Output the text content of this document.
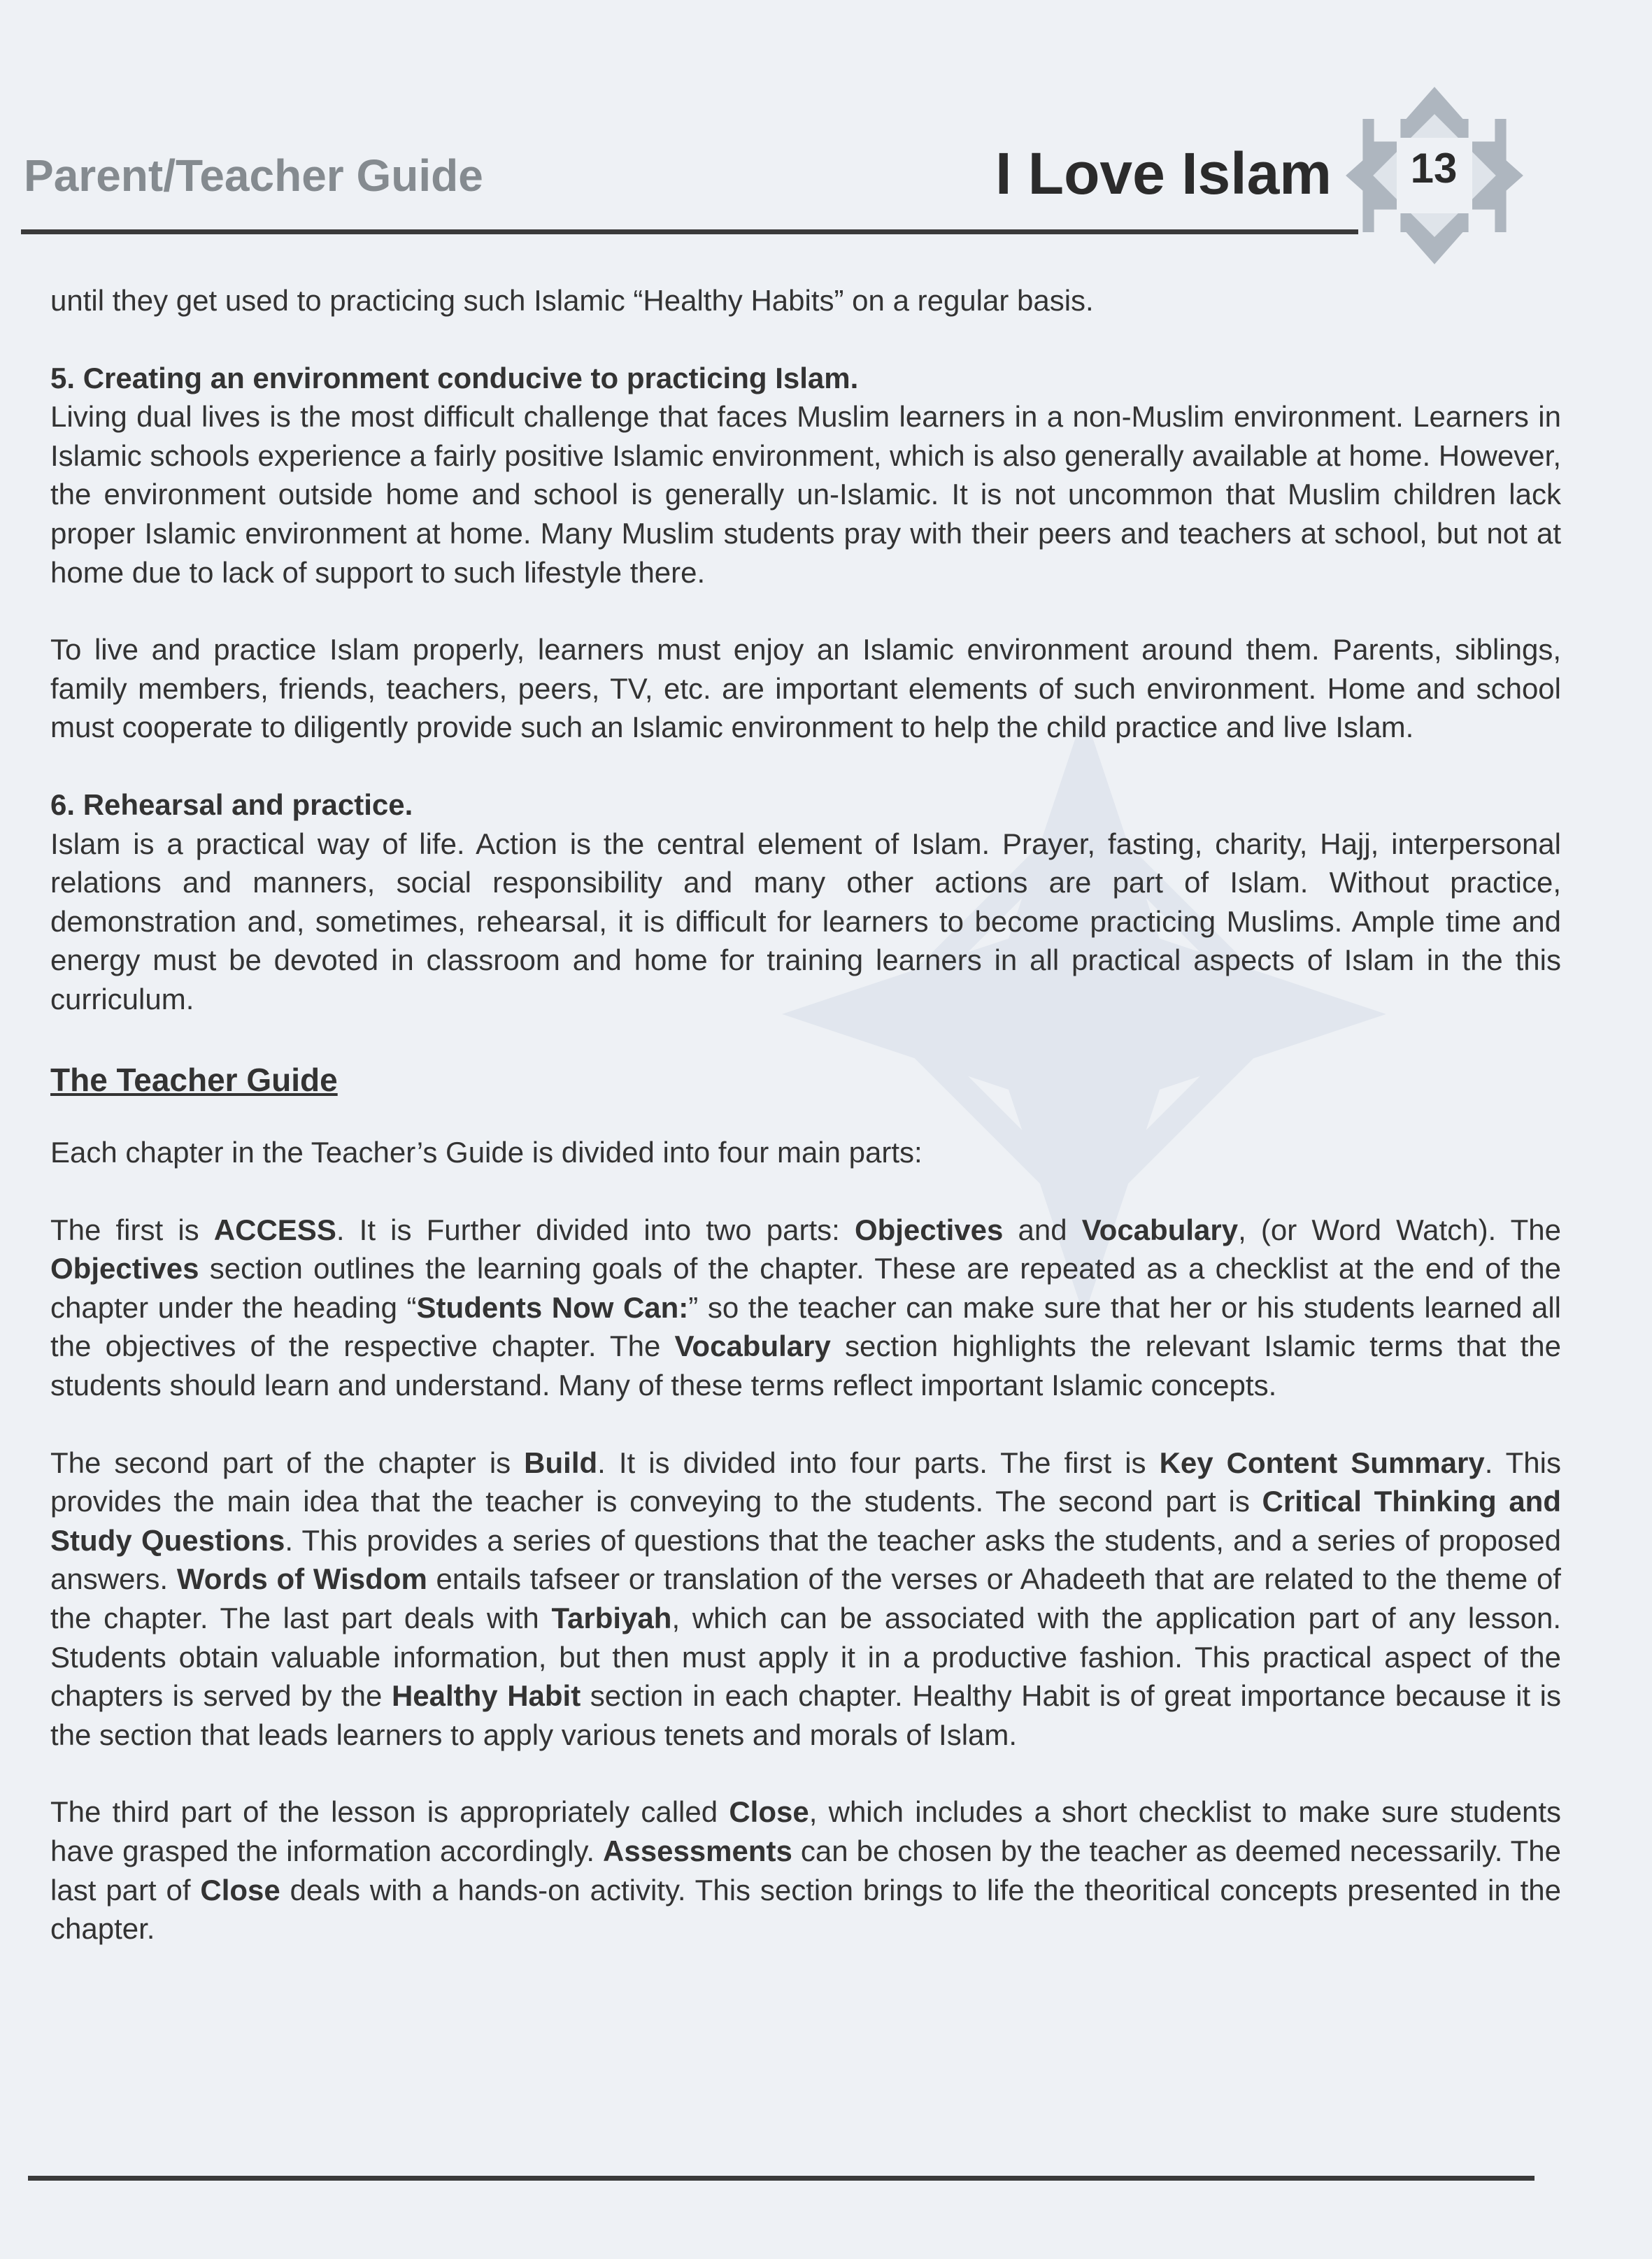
Parent/Teacher Guide	I Love Islam	13

until they get used to practicing such Islamic “Healthy Habits” on a regular basis.

5. Creating an environment conducive to practicing Islam.

Living dual lives is the most difficult challenge that faces Muslim learners in a non-Muslim environment. Learners in Islamic schools experience a fairly positive Islamic environment, which is also generally available at home. However, the environment outside home and school is generally un-Islamic. It is not uncommon that Muslim children lack proper Islamic environment at home. Many Muslim students pray with their peers and teachers at school, but not at home due to lack of support to such lifestyle there.

To live and practice Islam properly, learners must enjoy an Islamic environment around them. Parents, siblings, family members, friends, teachers, peers, TV, etc. are important elements of such environment. Home and school must cooperate to diligently provide such an Islamic environment to help the child practice and live Islam.

6. Rehearsal and practice.

Islam is a practical way of life. Action is the central element of Islam. Prayer, fasting, charity, Hajj, interpersonal relations and manners, social responsibility and many other actions are part of Islam. Without practice, demonstration and, sometimes, rehearsal, it is difficult for learners to become practicing Muslims. Ample time and energy must be devoted in classroom and home for training learners in all practical aspects of Islam in the this curriculum.

The Teacher Guide

Each chapter in the Teacher’s Guide is divided into four main parts:

The first is ACCESS. It is Further divided into two parts: Objectives and Vocabulary, (or Word Watch). The Objectives section outlines the learning goals of the chapter. These are repeated as a checklist at the end of the chapter under the heading “Students Now Can:” so the teacher can make sure that her or his students learned all the objectives of the respective chapter. The Vocabulary section highlights the relevant Islamic terms that the students should learn and understand. Many of these terms reflect important Islamic concepts.

The second part of the chapter is Build. It is divided into four parts. The first is Key Content Summary. This provides the main idea that the teacher is conveying to the students. The second part is Critical Thinking and Study Questions. This provides a series of questions that the teacher asks the students, and a series of proposed answers. Words of Wisdom entails tafseer or translation of the verses or Ahadeeth that are related to the theme of the chapter. The last part deals with Tarbiyah, which can be associated with the application part of any lesson. Students obtain valuable information, but then must apply it in a productive fashion. This practical aspect of the chapters is served by the Healthy Habit section in each chapter. Healthy Habit is of great importance because it is the section that leads learners to apply various tenets and morals of Islam.

The third part of the lesson is appropriately called Close, which includes a short checklist to make sure students have grasped the information accordingly. Assessments can be chosen by the teacher as deemed necessarily. The last part of Close deals with a hands-on activity. This section brings to life the theoritical concepts presented in the chapter.
